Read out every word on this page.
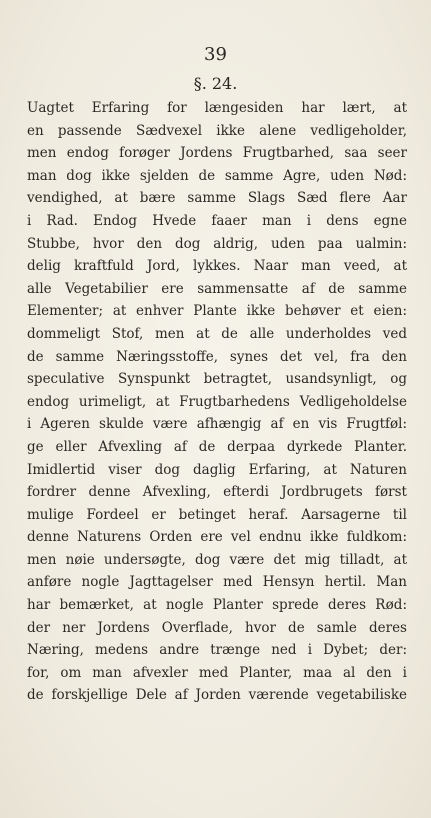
39
§. 24.
Uagtet Erfaring for længesiden har lært, at
en passende Sædvexel ikke alene vedligeholder,
men endog forøger Jordens Frugtbarhed, saa seer
man dog ikke sjelden de samme Agre, uden Nød:
vendighed, at bære samme Slags Sæd flere Aar
i Rad. Endog Hvede faaer man i dens egne
Stubbe, hvor den dog aldrig, uden paa ualmin:
delig kraftfuld Jord, lykkes. Naar man veed, at
alle Vegetabilier ere sammensatte af de samme
Elementer; at enhver Plante ikke behøver et eien:
dommeligt Stof, men at de alle underholdes ved
de samme Næringsstoffe, synes det vel, fra den
speculative Synspunkt betragtet, usandsynligt, og
endog urimeligt, at Frugtbarhedens Vedligeholdelse
i Ageren skulde være afhængig af en vis Frugtføl:
ge eller Afvexling af de derpaa dyrkede Planter.
Imidlertid viser dog daglig Erfaring, at Naturen
fordrer denne Afvexling, efterdi Jordbrugets først
mulige Fordeel er betinget heraf. Aarsagerne til
denne Naturens Orden ere vel endnu ikke fuldkom:
men nøie undersøgte, dog være det mig tilladt, at
anføre nogle Jagttagelser med Hensyn hertil. Man
har bemærket, at nogle Planter sprede deres Rød:
der ner Jordens Overflade, hvor de samle deres
Næring, medens andre trænge ned i Dybet; der:
for, om man afvexler med Planter, maa al den i
de forskjellige Dele af Jorden værende vegetabiliske
